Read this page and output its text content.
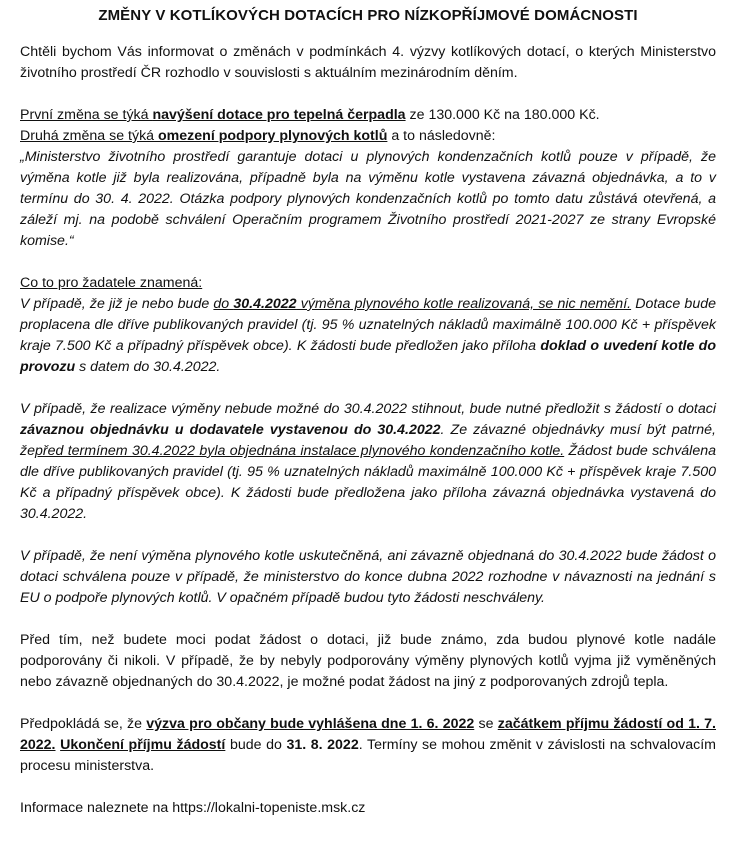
ZMĚNY V KOTLÍKOVÝCH DOTACÍCH PRO NÍZKOPŘÍJMOVÉ DOMÁCNOSTI

Chtěli bychom Vás informovat o změnách v podmínkách 4. výzvy kotlíkových dotací, o kterých Ministerstvo životního prostředí ČR rozhodlo v souvislosti s aktuálním mezinárodním děním.

První změna se týká navýšení dotace pro tepelná čerpadla ze 130.000 Kč na 180.000 Kč.

Druhá změna se týká omezení podpory plynových kotlů a to následovně:

„Ministerstvo životního prostředí garantuje dotaci u plynových kondenzačních kotlů pouze v případě, že výměna kotle již byla realizována, případně byla na výměnu kotle vystavena závazná objednávka, a to v termínu do 30. 4. 2022. Otázka podpory plynových kondenzačních kotlů po tomto datu zůstává otevřená, a záleží mj. na podobě schválení Operačním programem Životního prostředí 2021-2027 ze strany Evropské komise.“

Co to pro žadatele znamená:

V případě, že již je nebo bude do 30.4.2022 výměna plynového kotle realizovaná, se nic nemění. Dotace bude proplacena dle dříve publikovaných pravidel (tj. 95 % uznatelných nákladů maximálně 100.000 Kč + příspěvek kraje 7.500 Kč a případný příspěvek obce). K žádosti bude předložen jako příloha doklad o uvedení kotle do provozu s datem do 30.4.2022.

V případě, že realizace výměny nebude možné do 30.4.2022 stihnout, bude nutné předložit s žádostí o dotaci závaznou objednávku u dodavatele vystavenou do 30.4.2022. Ze závazné objednávky musí být patrné, žepřed termínem 30.4.2022 byla objednána instalace plynového kondenzačního kotle. Žádost bude schválena dle dříve publikovaných pravidel (tj. 95 % uznatelných nákladů maximálně 100.000 Kč + příspěvek kraje 7.500 Kč a případný příspěvek obce). K žádosti bude předložena jako příloha závazná objednávka vystavená do 30.4.2022.

V případě, že není výměna plynového kotle uskutečněná, ani závazně objednaná do 30.4.2022 bude žádost o dotaci schválena pouze v případě, že ministerstvo do konce dubna 2022 rozhodne v návaznosti na jednání s EU o podpoře plynových kotlů. V opačném případě budou tyto žádosti neschváleny.

Před tím, než budete moci podat žádost o dotaci, již bude známo, zda budou plynové kotle nadále podporovány či nikoli. V případě, že by nebyly podporovány výměny plynových kotlů vyjma již vyměněných nebo závazně objednaných do 30.4.2022, je možné podat žádost na jiný z podporovaných zdrojů tepla.

Předpokládá se, že výzva pro občany bude vyhlášena dne 1. 6. 2022 se začátkem příjmu žádostí od 1. 7. 2022. Ukončení příjmu žádostí bude do 31. 8. 2022. Termíny se mohou změnit v závislosti na schvalovacím procesu ministerstva.

Informace naleznete na https://lokalni-topeniste.msk.cz
